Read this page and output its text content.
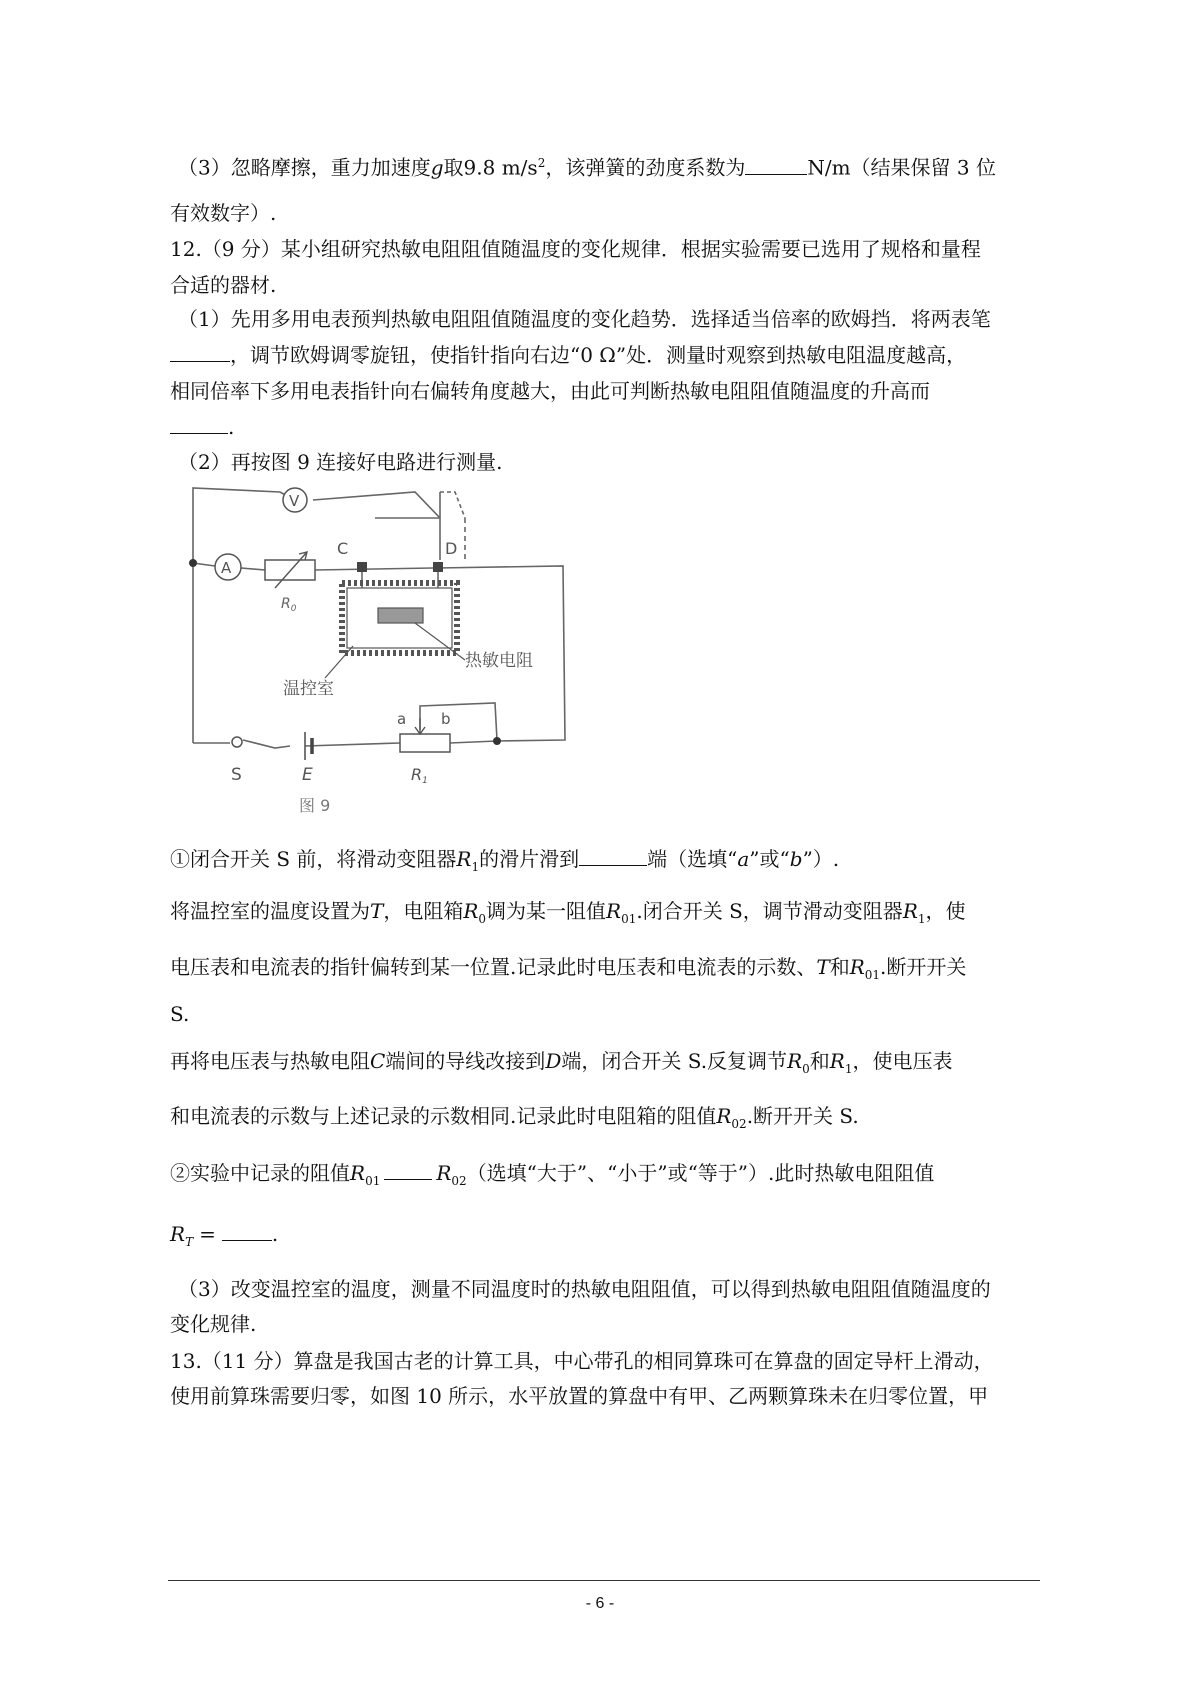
（3）忽略摩擦，重力加速度g取9.8 $m/s^2$，该弹簧的劲度系数为	N/m（结果保留 3 位
有效数字）.
12.（9 分）某小组研究热敏电阻阻值随温度的变化规律．根据实验需要已选用了规格和量程
合适的器材.
（1）先用多用电表预判热敏电阻阻值随温度的变化趋势．选择适当倍率的欧姆挡．将两表笔
，调节欧姆调零旋钮，使指针指向右边“0 Ω”处．测量时观察到热敏电阻温度越高，
相同倍率下多用电表指针向右偏转角度越大，由此可判断热敏电阻阻值随温度的升高而
.
（2）再按图 9 连接好电路进行测量.
V
A
$R_0$
C	D
热敏电阻
温控室
S	E
a b
R1
图 9
①闭合开关 S 前，将滑动变阻器$R_1$的滑片滑到	端（选填“a”或“b”）.
将温控室的温度设置为T，电阻箱$R_0$调为某一阻值$R_{01}$.闭合开关 S，调节滑动变阻器$R_1$，使
电压表和电流表的指针偏转到某一位置.记录此时电压表和电流表的示数、T和$R_{01}$.断开开关
S.
再将电压表与热敏电阻C端间的导线改接到D端，闭合开关 S.反复调节$R_0$和$R_1$，使电压表
和电流表的示数与上述记录的示数相同.记录此时电阻箱的阻值$R_{02}$.断开开关 S.
②实验中记录的阻值$R_{01}$	$R_{02}$（选填“大于”、“小于”或“等于”）.此时热敏电阻阻值
$R_T$ =	.
（3）改变温控室的温度，测量不同温度时的热敏电阻阻值，可以得到热敏电阻阻值随温度的
变化规律.
13.（11 分）算盘是我国古老的计算工具，中心带孔的相同算珠可在算盘的固定导杆上滑动，
使用前算珠需要归零，如图 10 所示，水平放置的算盘中有甲、乙两颗算珠未在归零位置，甲
- 6 -
